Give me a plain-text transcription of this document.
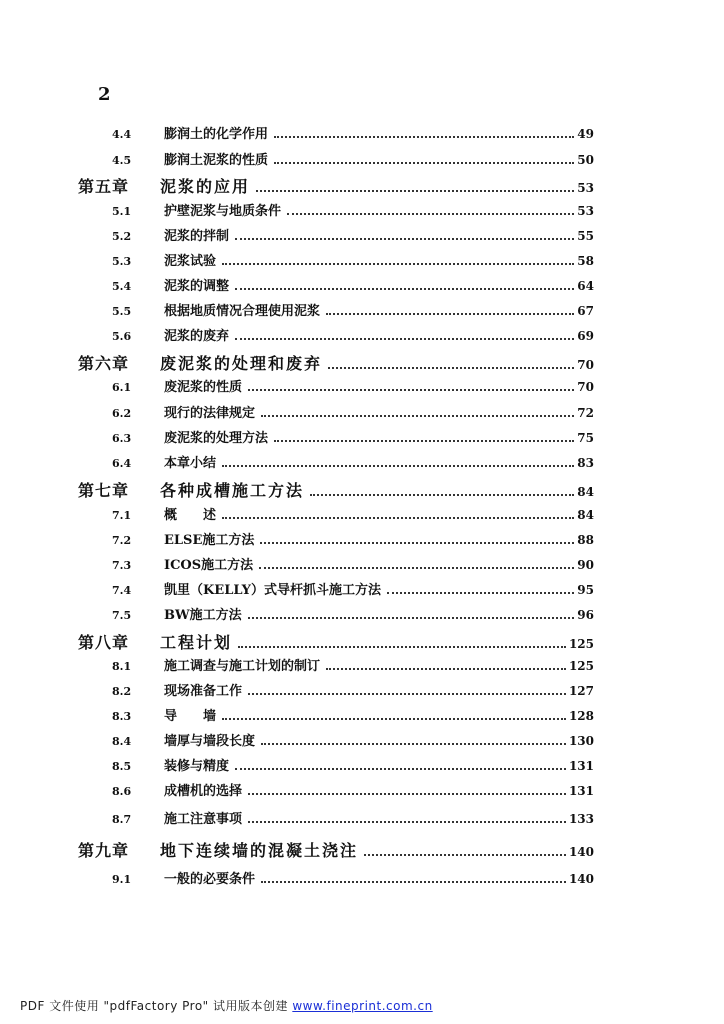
2
4.4	膨润土的化学作用	49
4.5	膨润土泥浆的性质	50
第五章	泥浆的应用	53
5.1	护壁泥浆与地质条件	53
5.2	泥浆的拌制	55
5.3	泥浆试验	58
5.4	泥浆的调整	64
5.5	根据地质情况合理使用泥浆	67
5.6	泥浆的废弃	69
第六章	废泥浆的处理和废弃	70
6.1	废泥浆的性质	70
6.2	现行的法律规定	72
6.3	废泥浆的处理方法	75
6.4	本章小结	83
第七章	各种成槽施工方法	84
7.1	概　　述	84
7.2	ELSE施工方法	88
7.3	ICOS施工方法	90
7.4	凯里（KELLY）式导杆抓斗施工方法	95
7.5	BW施工方法	96
第八章	工程计划	125
8.1	施工调查与施工计划的制订	125
8.2	现场准备工作	127
8.3	导　　墙	128
8.4	墙厚与墙段长度	130
8.5	装修与精度	131
8.6	成槽机的选择	131
8.7	施工注意事项	133
第九章	地下连续墙的混凝土浇注	140
9.1	一般的必要条件	140
PDF 文件使用 "pdfFactory Pro" 试用版本创建 www.fineprint.com.cn
